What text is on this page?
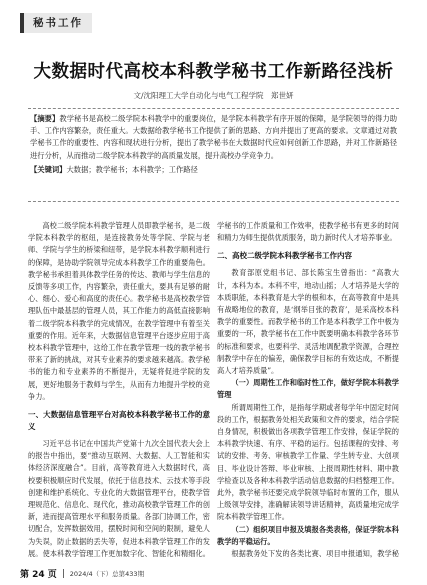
秘书工作
大数据时代高校本科教学秘书工作新路径浅析
文/沈阳理工大学自动化与电气工程学院　郑世妍
【摘要】教学秘书是高校二级学院本科教学中的重要岗位，是学院本科教学有序开展的保障，是学院领导的得力助手、工作内容繁杂，责任重大。大数据给教学秘书工作提供了新的思路、方向并提出了更高的要求。文章通过对教学秘书工作的重要性、内容和现状进行分析，提出了教学秘书在大数据时代应如何创新工作思路，并对工作新路径进行分析，从而推动二级学院本科教学的高质量发展，提升高校办学竞争力。
【关键词】大数据；教学秘书；本科教学；工作路径

高校二级学院本科教学管理人员即教学秘书，是二级学院本科教学的枢纽，是连接教务处等学院、学院与老师、学院与学生的桥梁和纽带，是学院本科教学顺利进行的保障，是协助学院领导完成本科教学工作的重要角色。教学秘书承担着具体教学任务的传达、教师与学生信息的反馈等多项工作，内容繁杂，责任重大，要具有足够的耐心、细心、爱心和高度的责任心。教学秘书是高校教学管理队伍中最基层的管理人员，其工作能力的高低直接影响着二级学院本科教学的完成情况，在教学管理中有着至关重要的作用。近年来，大数据信息管理平台逐步应用于高校本科教学管理中，这给工作在教学管理一线的教学秘书带来了新的挑战，对其专业素养的要求越来越高。教学秘书的能力和专业素养的不断提升，无疑将促进学院的发展，更好地服务于教师与学生，从而有力地提升学校的竞争力。

一、大数据信息管理平台对高校本科教学秘书工作的意义

习近平总书记在中国共产党第十九次全国代表大会上的报告中指出，要“推动互联网、大数据、人工智能和实体经济深度融合”。目前，高等教育进入大数据时代，高校要积极顺应时代发展，依托于信息技术、云技术等手段创建和维护系统化、专业化的大数据管理平台，使教学管理规范化、信息化、现代化，推动高校教学管理工作的创新，进而提高管理水平和服务质量。各部门协调工作，密切配合，发挥数据效用，摆脱时间和空间的限制，避免人为失误，防止数据的丢失等，促进本科教学管理工作的发展。使本科教学管理工作更加数字化、智能化和精细化。

学秘书的工作质量和工作效率，使教学秘书有更多的时间和精力为师生提供优质服务，助力新时代人才培养事业。

二、高校二级学院本科教学秘书工作内容

教育部原党组书记、部长陈宝生曾指出：“高教大计，本科为本。本科不牢，地动山摇；人才培养是大学的本质职能，本科教育是大学的根和本，在高等教育中是具有战略地位的教育，是‘纲举目张的教育’，是采高校本科教学的重要性。而教学秘书的工作是本科教学工作中极为重要的一环，教学秘书在工作中既要明确本科教学各环节的标准和要求，也要科学、灵活地调配教学资源，合理控制教学中存在的偏差，确保教学目标的有效达成，不断提高人才培养质量”。

（一）周期性工作和临时性工作，做好学院本科教学管理

所谓周期性工作，是指每学期或者每学年中固定时间段的工作，根据教务处相关政策和文件的要求，结合学院自身情况，积极做出各项教学管理工作安排，保证学院的本科教学快速、有序、平稳的运行。包括课程的安排、考试的安排、考务、审核教学工作量、学生转专业、大创项目、毕业设计答辩、毕业审核、上报周期性材料、期中教学检查以及各种本科教学活动信息数据的归档整理工作。此外，教学秘书还要完成学院领导临时布置的工作，服从上级领导安排，准确解读领导讲话精神，高质量地完成学院本科教学管理工作。

（二）组织项目申报及填报各类表格，保证学院本科教学的平稳运行。

根据教务处下发的各类比赛、项目申报通知，教学秘

第 24 页 2024/4（下）总第433期
